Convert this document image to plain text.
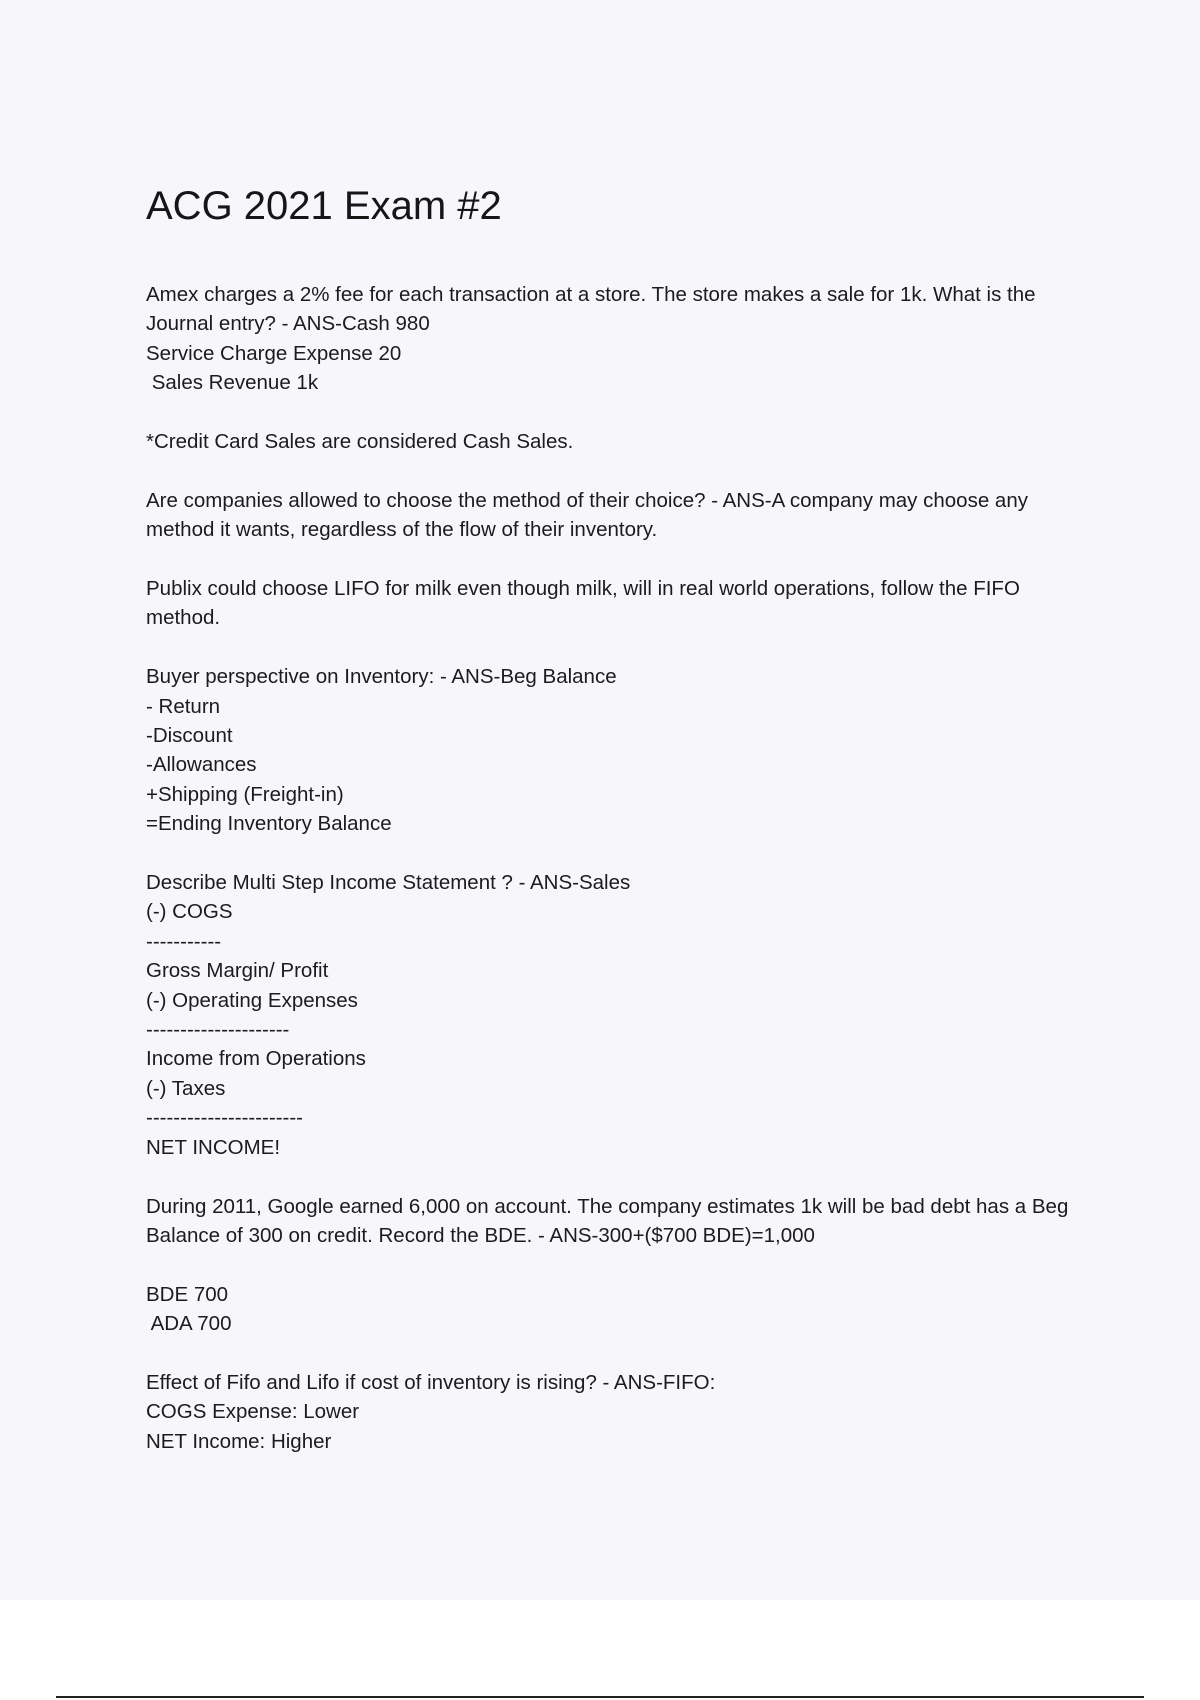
ACG 2021 Exam #2
Amex charges a 2% fee for each transaction at a store. The store makes a sale for 1k. What is the Journal entry? - ANS-Cash 980
Service Charge Expense 20
Sales Revenue 1k
*Credit Card Sales are considered Cash Sales.
Are companies allowed to choose the method of their choice? - ANS-A company may choose any method it wants, regardless of the flow of their inventory.
Publix could choose LIFO for milk even though milk, will in real world operations, follow the FIFO method.
Buyer perspective on Inventory: - ANS-Beg Balance
- Return
-Discount
-Allowances
+Shipping (Freight-in)
=Ending Inventory Balance
Describe Multi Step Income Statement ? - ANS-Sales
(-) COGS
-----------
Gross Margin/ Profit
(-) Operating Expenses
---------------------
Income from Operations
(-) Taxes
-----------------------
NET INCOME!
During 2011, Google earned 6,000 on account. The company estimates 1k will be bad debt has a Beg Balance of 300 on credit. Record the BDE. - ANS-300+($700 BDE)=1,000
BDE 700
ADA 700
Effect of Fifo and Lifo if cost of inventory is rising? - ANS-FIFO:
COGS Expense: Lower
NET Income: Higher
